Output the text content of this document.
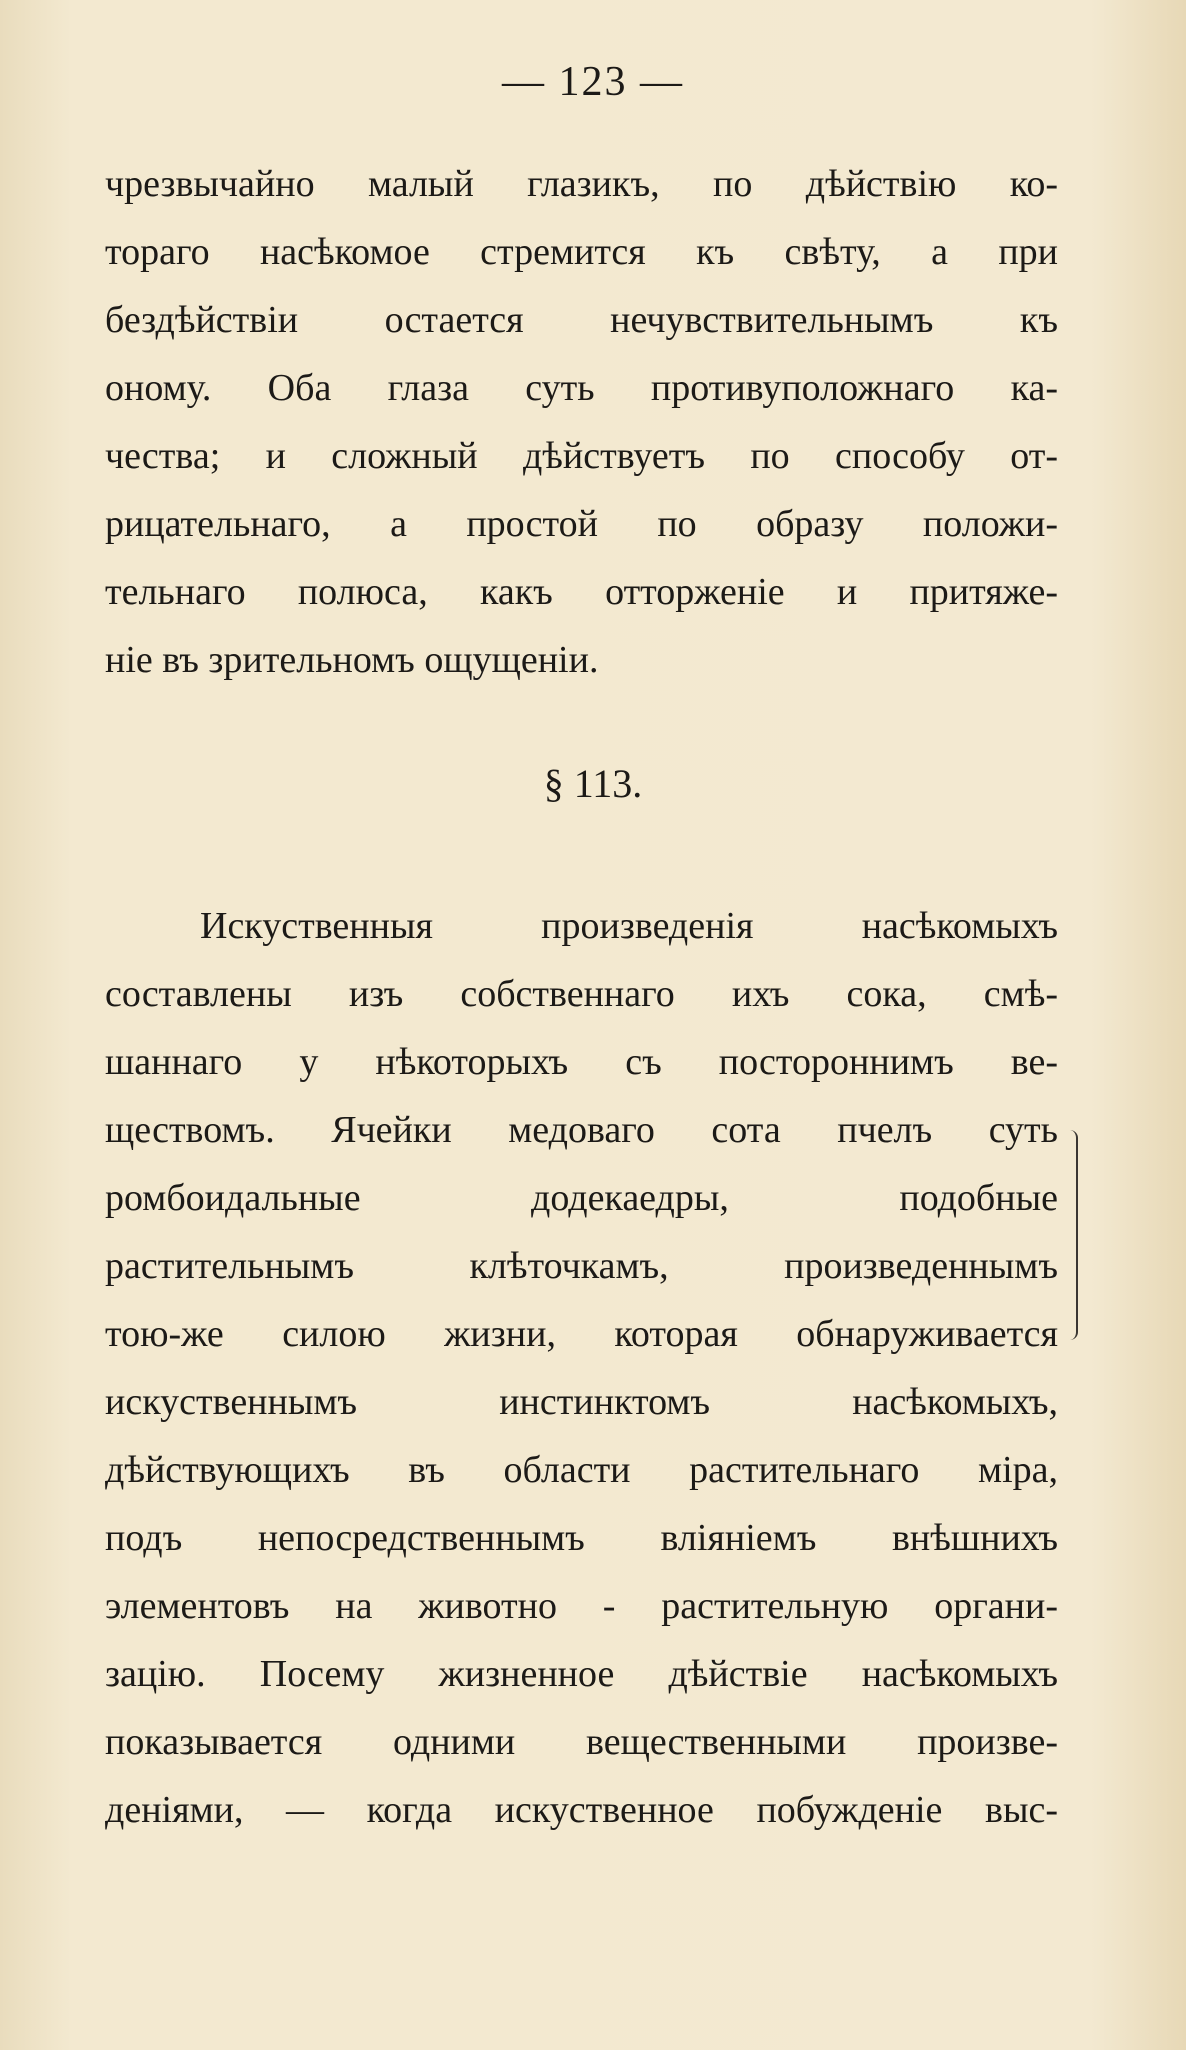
— 123 —
чрезвычайно малый глазикъ, по дѣйствію ко-
тораго насѣкомое стремится къ свѣту, а при
бездѣйствіи остается нечувствительнымъ къ
оному. Оба глаза суть противуположнаго ка-
чества; и сложный дѣйствуетъ по способу от-
рицательнаго, а простой по образу положи-
тельнаго полюса, какъ отторженіе и притяже-
ніе въ зрительномъ ощущеніи.
§ 113.
Искуственныя произведенія насѣкомыхъ
составлены изъ собственнаго ихъ сока, смѣ-
шаннаго у нѣкоторыхъ съ постороннимъ ве-
ществомъ. Ячейки медоваго сота пчелъ суть
ромбоидальные додекаедры, подобные
растительнымъ клѣточкамъ, произведеннымъ
тою-же силою жизни, которая обнаруживается
искуственнымъ инстинктомъ насѣкомыхъ,
дѣйствующихъ въ области растительнаго міра,
подъ непосредственнымъ вліяніемъ внѣшнихъ
элементовъ на животно - растительную органи-
зацію. Посему жизненное дѣйствіе насѣкомыхъ
показывается одними вещественными произве-
деніями, — когда искуственное побужденіе выс-
